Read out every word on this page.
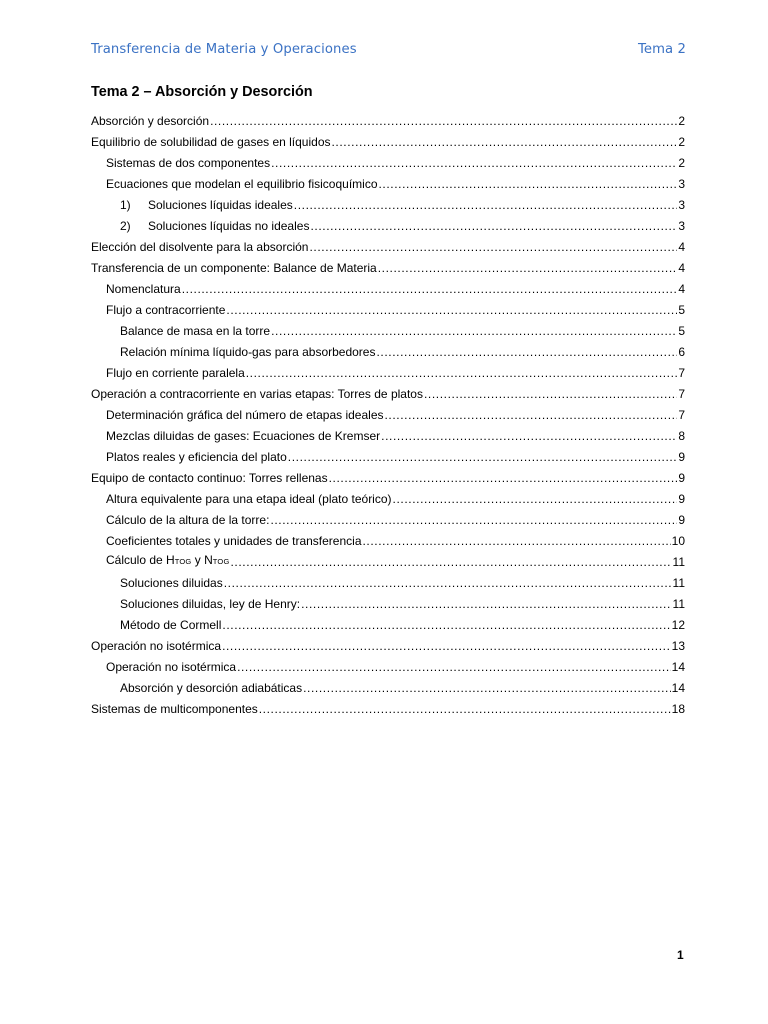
Transferencia de Materia y Operaciones	Tema 2
Tema 2 – Absorción y Desorción
Absorción y desorción .....	2
Equilibrio de solubilidad de gases en líquidos .....	2
Sistemas de dos componentes .....	2
Ecuaciones que modelan el equilibrio fisicoquímico .....	3
1)	Soluciones líquidas ideales .....	3
2)	Soluciones líquidas no ideales .....	3
Elección del disolvente para la absorción .....	4
Transferencia de un componente: Balance de Materia .....	4
Nomenclatura .....	4
Flujo a contracorriente .....	5
Balance de masa en la torre .....	5
Relación mínima líquido-gas para absorbedores .....	6
Flujo en corriente paralela .....	7
Operación a contracorriente en varias etapas: Torres de platos .....	7
Determinación gráfica del número de etapas ideales .....	7
Mezclas diluidas de gases: Ecuaciones de Kremser .....	8
Platos reales y eficiencia del plato .....	9
Equipo de contacto continuo: Torres rellenas .....	9
Altura equivalente para una etapa ideal (plato teórico) .....	9
Cálculo de la altura de la torre: .....	9
Coeficientes totales y unidades de transferencia .....	10
Cálculo de HTOG y NTOG .....	11
Soluciones diluidas .....	11
Soluciones diluidas, ley de Henry: .....	11
Método de Cormell .....	12
Operación no isotérmica .....	13
Operación no isotérmica .....	14
Absorción y desorción adiabáticas .....	14
Sistemas de multicomponentes .....	18
1
